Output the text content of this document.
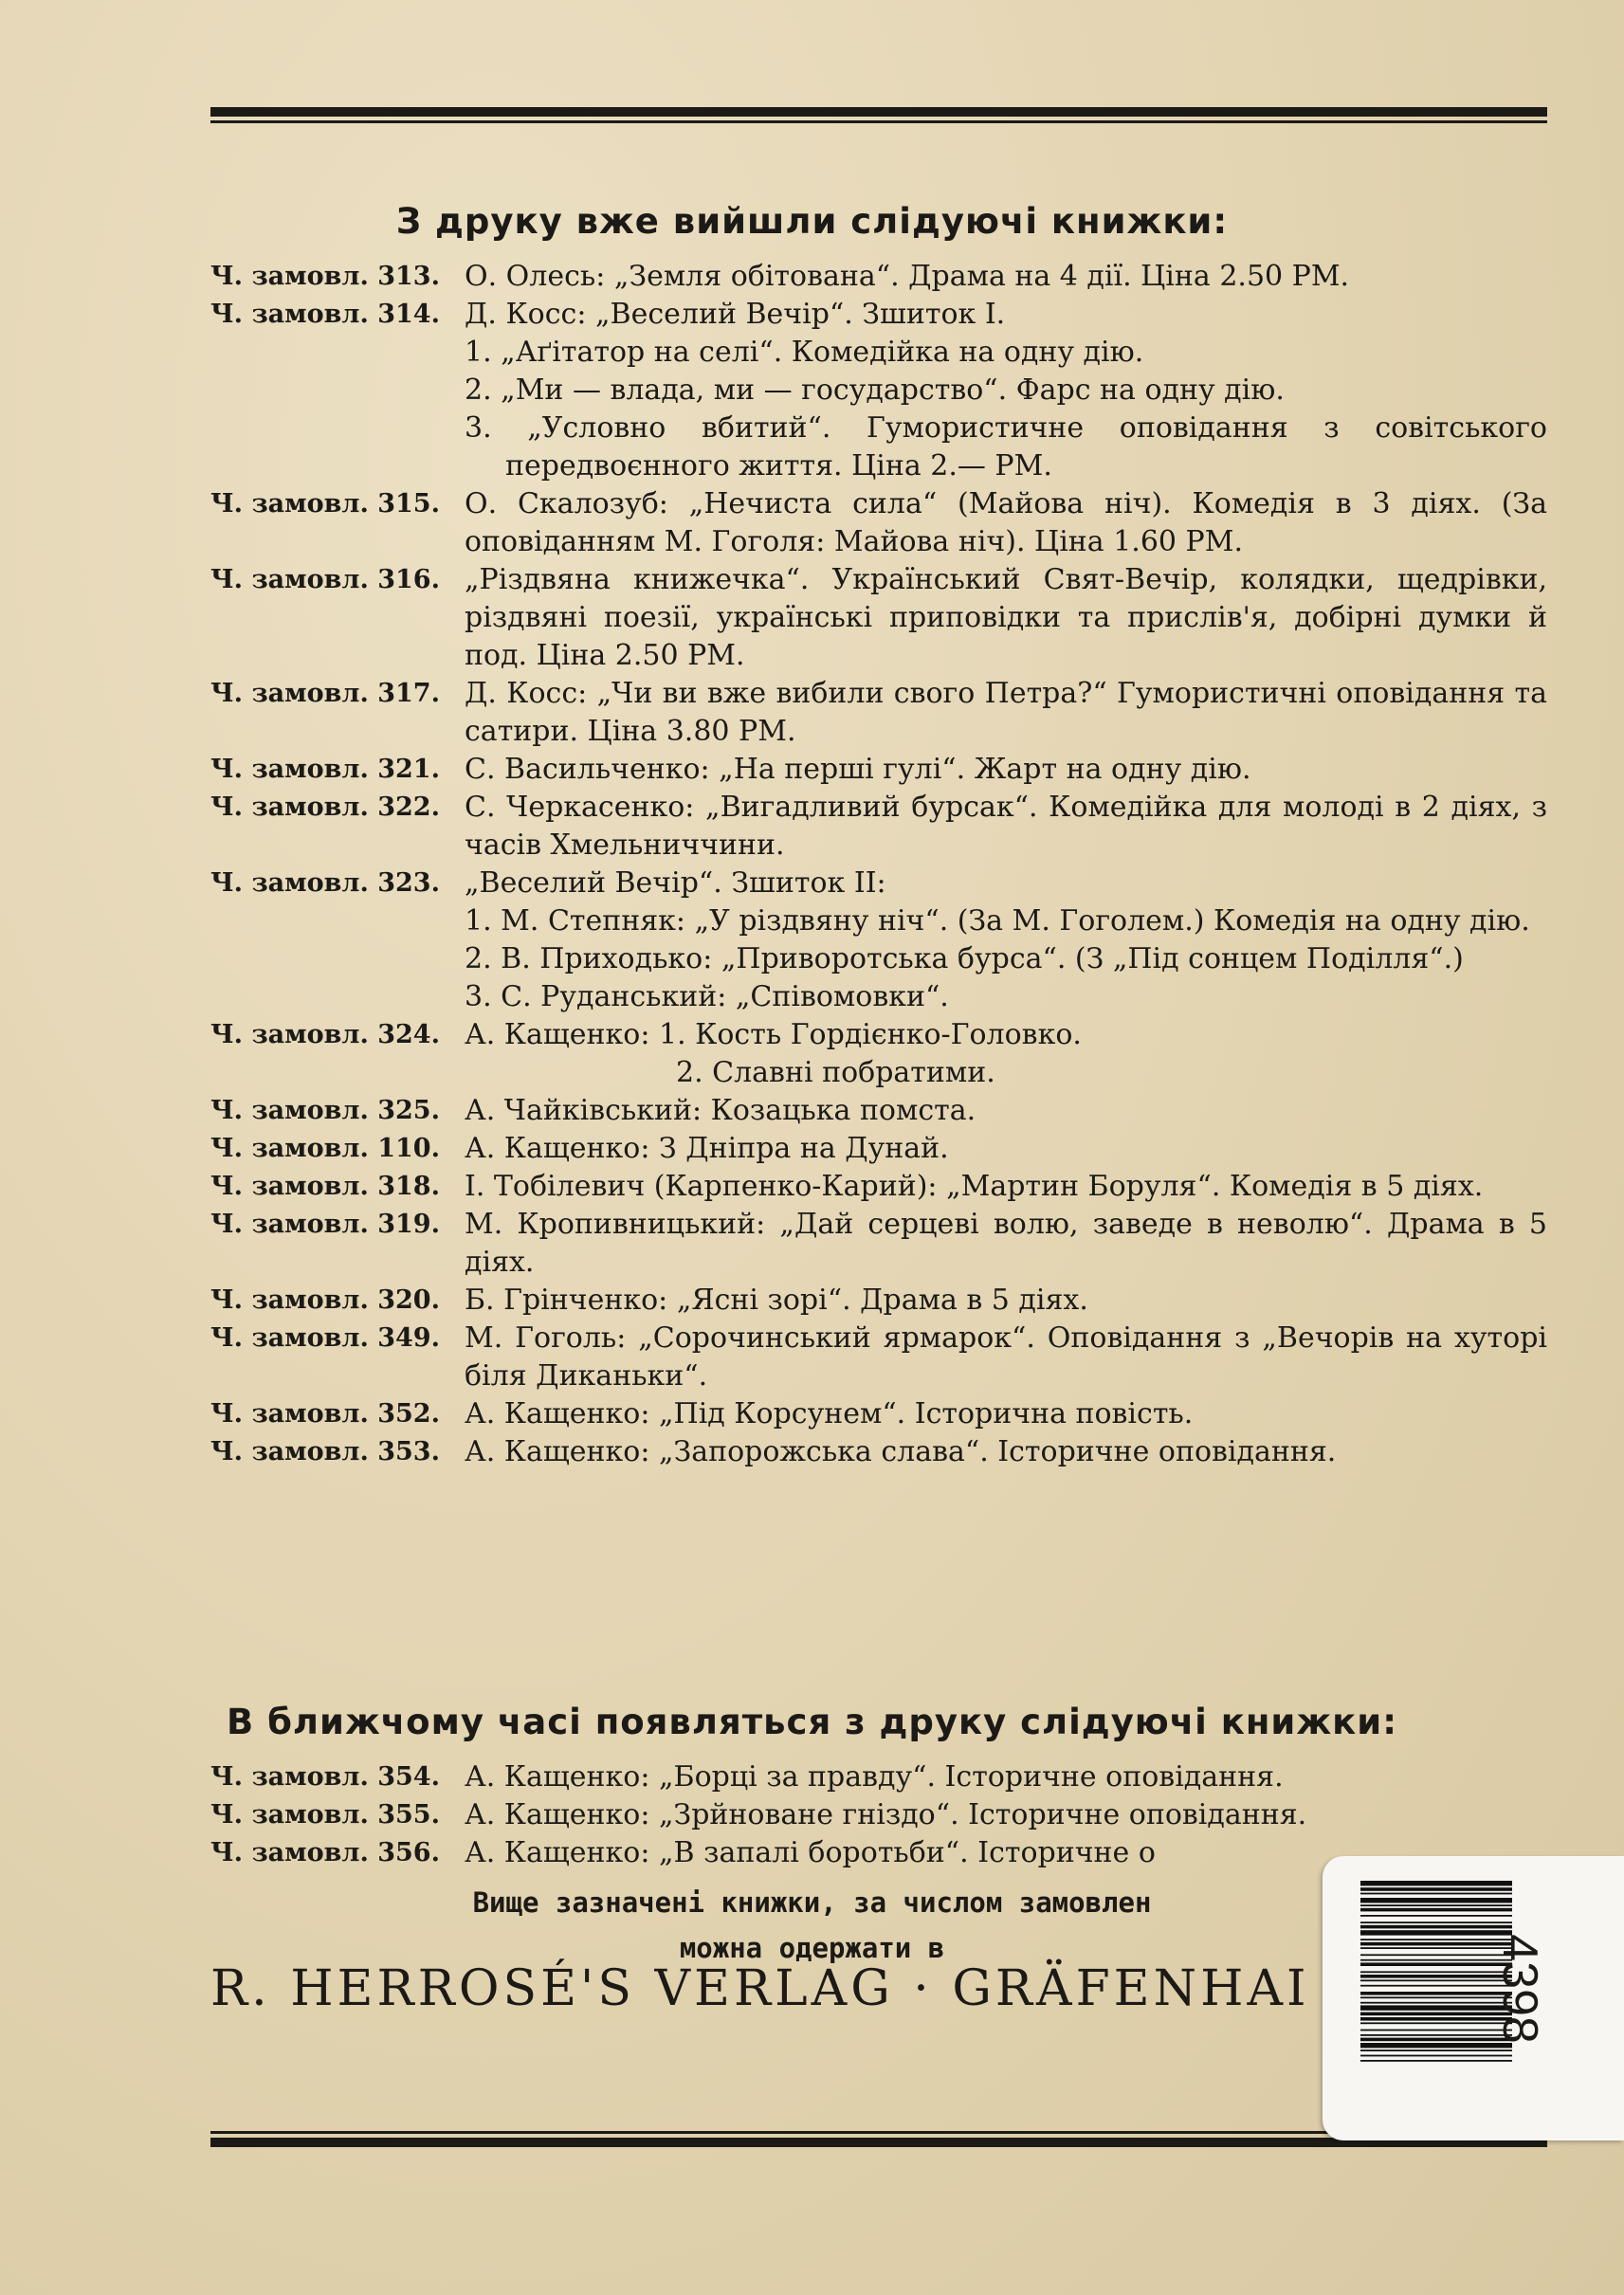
З друку вже вийшли слідуючі книжки:
Ч. замовл. 313. О. Олесь: „Земля обітована“. Драма на 4 дії. Ціна 2.50 РМ.
Ч. замовл. 314. Д. Косс: „Веселий Вечір“. Зшиток І.
1. „Аґітатор на селі“. Комедійка на одну дію.
2. „Ми — влада, ми — государство“. Фарс на одну дію.
3. „Условно вбитий“. Гумористичне оповідання з совітського передвоєнного життя. Ціна 2.— РМ.
Ч. замовл. 315. О. Скалозуб: „Нечиста сила“ (Майова ніч). Комедія в 3 діях. (За оповіданням М. Гоголя: Майова ніч). Ціна 1.60 РМ.
Ч. замовл. 316. „Різдвяна книжечка“. Український Свят-Вечір, колядки, щедрівки, різдвяні поезії, українські приповідки та прислів'я, добірні думки й под. Ціна 2.50 РМ.
Ч. замовл. 317. Д. Косс: „Чи ви вже вибили свого Петра?“ Гумористичні оповідання та сатири. Ціна 3.80 РМ.
Ч. замовл. 321. С. Васильченко: „На перші гулі“. Жарт на одну дію.
Ч. замовл. 322. С. Черкасенко: „Вигадливий бурсак“. Комедійка для молоді в 2 діях, з часів Хмельниччини.
Ч. замовл. 323. „Веселий Вечір“. Зшиток ІІ:
1. М. Степняк: „У різдвяну ніч“. (За М. Гоголем.) Комедія на одну дію.
2. В. Приходько: „Приворотська бурса“. (З „Під сонцем Поділля“.)
3. С. Руданський: „Співомовки“.
Ч. замовл. 324. А. Кащенко: 1. Кость Гордієнко-Головко.
2. Славні побратими.
Ч. замовл. 325. А. Чайківський: Козацька помста.
Ч. замовл. 110. А. Кащенко: З Дніпра на Дунай.
Ч. замовл. 318. І. Тобілевич (Карпенко-Карий): „Мартин Боруля“. Комедія в 5 діях.
Ч. замовл. 319. М. Кропивницький: „Дай серцеві волю, заведе в неволю“. Драма в 5 діях.
Ч. замовл. 320. Б. Грінченко: „Ясні зорі“. Драма в 5 діях.
Ч. замовл. 349. М. Гоголь: „Сорочинський ярмарок“. Оповідання з „Вечорів на хуторі біля Диканьки“.
Ч. замовл. 352. А. Кащенко: „Під Корсунем“. Історична повість.
Ч. замовл. 353. А. Кащенко: „Запорожська слава“. Історичне оповідання.
В ближчому часі появляться з друку слідуючі книжки:
Ч. замовл. 354. А. Кащенко: „Борці за правду“. Історичне оповідання.
Ч. замовл. 355. А. Кащенко: „Зрйноване гніздо“. Історичне оповідання.
Ч. замовл. 356. А. Кащенко: „В запалі боротьби“. Історичне о
Вище зазначені книжки, за числом замовлен
можна одержати в
R. HERROSÉ'S VERLAG · GRÄFENHAI	4398
